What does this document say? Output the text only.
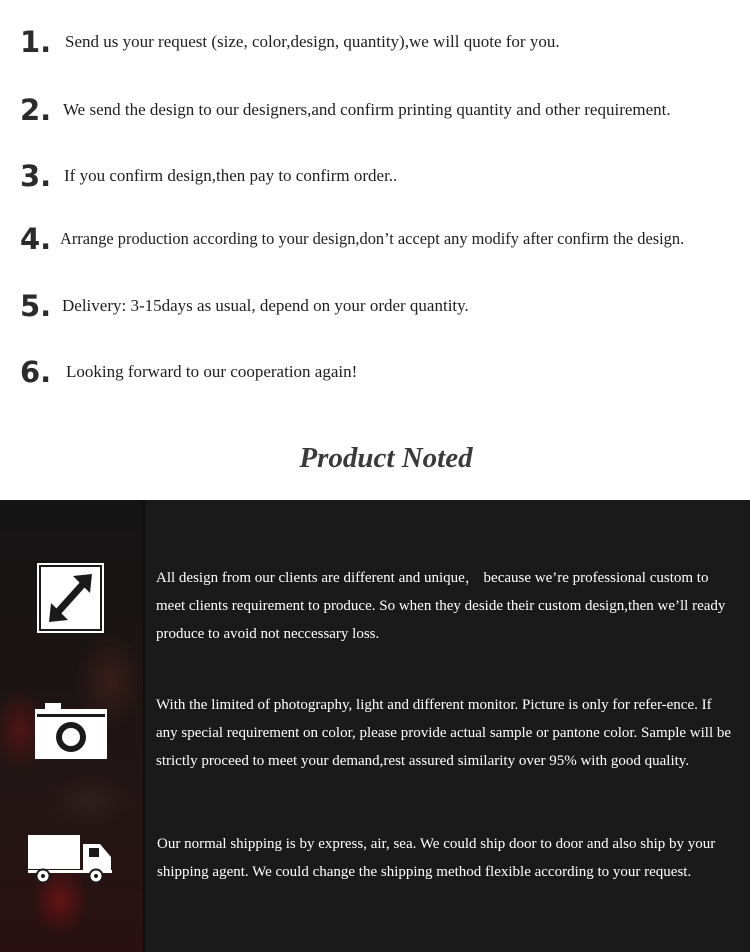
1. Send us your request (size, color,design, quantity),we will quote for you.
2. We send the design to our designers,and confirm printing quantity and other requirement.
3. If you confirm design,then pay to confirm order..
4. Arrange production according to your design,don’t accept any modify after confirm the design.
5. Delivery: 3-15days as usual, depend on your order quantity.
6. Looking forward to our cooperation again!
Product Noted
All design from our clients are different and unique， because we’re professional custom to meet clients requirement to produce. So when they deside their custom design,then we’ll ready produce to avoid not neccessary loss.
With the limited of photography, light and different monitor. Picture is only for refer-ence. If any special requirement on color, please provide actual sample or pantone color. Sample will be strictly proceed to meet your demand,rest assured similarity over 95% with good quality.
Our normal shipping is by express, air, sea. We could ship door to door and also ship by your shipping agent. We could change the shipping method flexible according to your request.
